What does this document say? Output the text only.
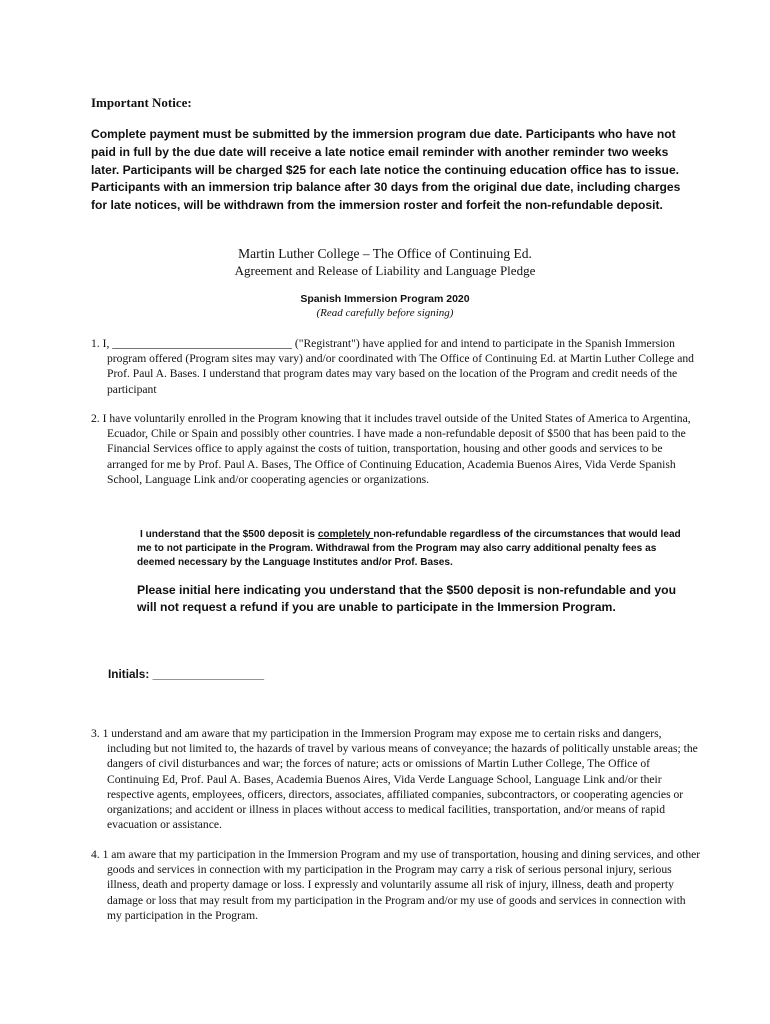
Important Notice:
Complete payment must be submitted by the immersion program due date. Participants who have not paid in full by the due date will receive a late notice email reminder with another reminder two weeks later. Participants will be charged $25 for each late notice the continuing education office has to issue. Participants with an immersion trip balance after 30 days from the original due date, including charges for late notices, will be withdrawn from the immersion roster and forfeit the non-refundable deposit.
Martin Luther College – The Office of Continuing Ed.
Agreement and Release of Liability and Language Pledge
Spanish Immersion Program 2020
(Read carefully before signing)
1. I, _______________________________ ("Registrant") have applied for and intend to participate in the Spanish Immersion program offered (Program sites may vary) and/or coordinated with The Office of Continuing Ed. at Martin Luther College and Prof. Paul A. Bases. I understand that program dates may vary based on the location of the Program and credit needs of the participant
2. I have voluntarily enrolled in the Program knowing that it includes travel outside of the United States of America to Argentina, Ecuador, Chile or Spain and possibly other countries. I have made a non-refundable deposit of $500 that has been paid to the Financial Services office to apply against the costs of tuition, transportation, housing and other goods and services to be arranged for me by Prof. Paul A. Bases, The Office of Continuing Education, Academia Buenos Aires, Vida Verde Spanish School, Language Link and/or cooperating agencies or organizations.
I understand that the $500 deposit is completely non-refundable regardless of the circumstances that would lead me to not participate in the Program. Withdrawal from the Program may also carry additional penalty fees as deemed necessary by the Language Institutes and/or Prof. Bases.
Please initial here indicating you understand that the $500 deposit is non-refundable and you will not request a refund if you are unable to participate in the Immersion Program.
Initials: _________________
3. 1 understand and am aware that my participation in the Immersion Program may expose me to certain risks and dangers, including but not limited to, the hazards of travel by various means of conveyance; the hazards of politically unstable areas; the dangers of civil disturbances and war; the forces of nature; acts or omissions of Martin Luther College, The Office of Continuing Ed, Prof. Paul A. Bases, Academia Buenos Aires, Vida Verde Language School, Language Link and/or their respective agents, employees, officers, directors, associates, affiliated companies, subcontractors, or cooperating agencies or organizations; and accident or illness in places without access to medical facilities, transportation, and/or means of rapid evacuation or assistance.
4. 1 am aware that my participation in the Immersion Program and my use of transportation, housing and dining services, and other goods and services in connection with my participation in the Program may carry a risk of serious personal injury, serious illness, death and property damage or loss. I expressly and voluntarily assume all risk of injury, illness, death and property damage or loss that may result from my participation in the Program and/or my use of goods and services in connection with my participation in the Program.
